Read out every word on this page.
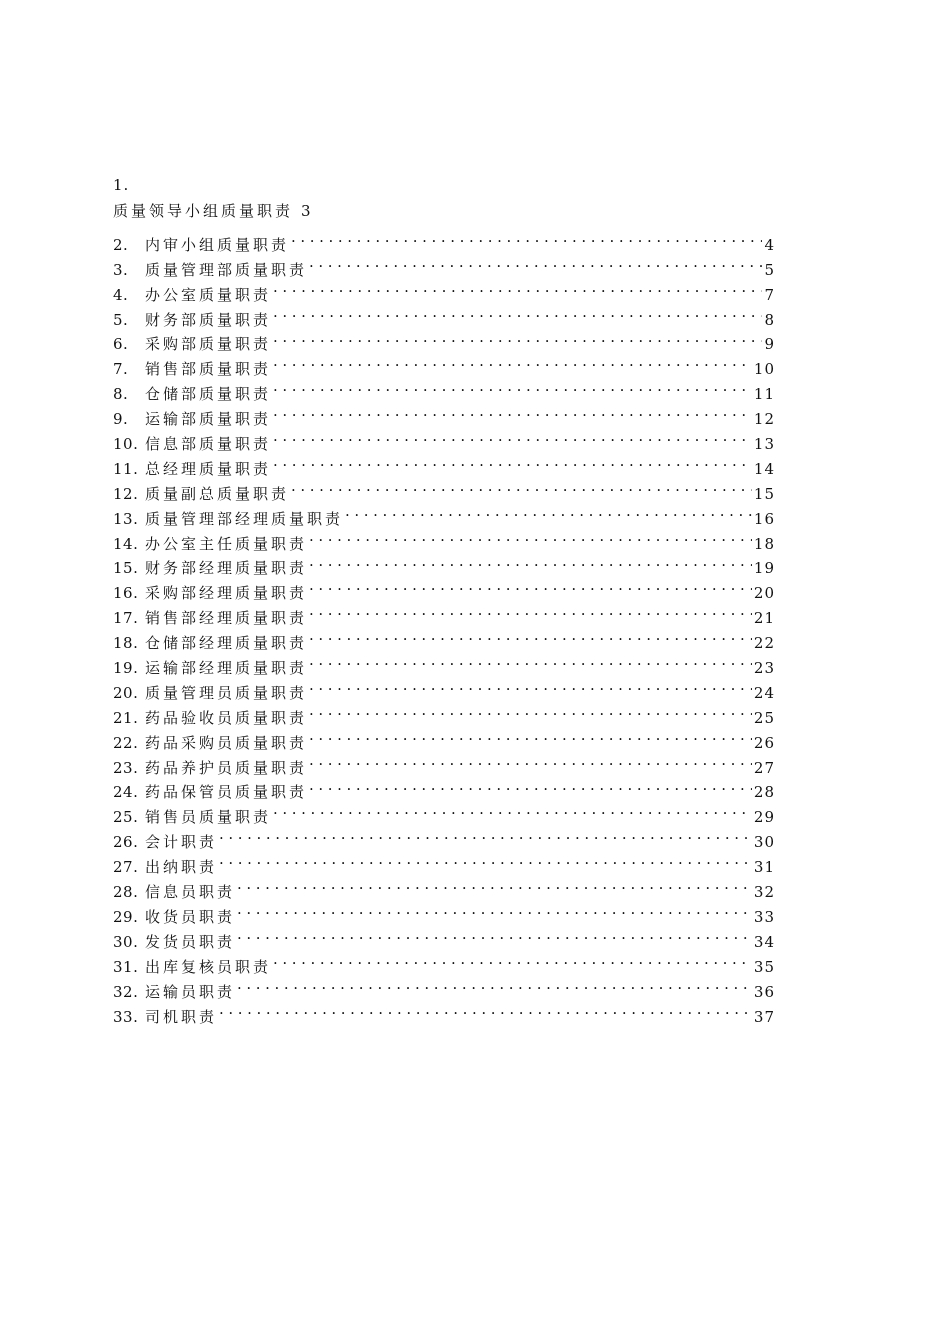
1.
质量领导小组质量职责 3
2.	内审小组质量职责 .....	4
3.	质量管理部质量职责 .....	5
4.	办公室质量职责 .....	7
5.	财务部质量职责 .....	8
6.	采购部质量职责 .....	9
7.	销售部质量职责 .....	10
8.	仓储部质量职责 .....	11
9.	运输部质量职责 .....	12
10. 信息部质量职责 .....	13
11. 总经理质量职责 .....	14
12. 质量副总质量职责 .....	15
13. 质量管理部经理质量职责 .....	16
14. 办公室主任质量职责 .....	18
15. 财务部经理质量职责 .....	19
16. 采购部经理质量职责 .....	20
17. 销售部经理质量职责 .....	21
18. 仓储部经理质量职责 .....	22
19. 运输部经理质量职责 .....	23
20. 质量管理员质量职责 .....	24
21. 药品验收员质量职责 .....	25
22. 药品采购员质量职责 .....	26
23. 药品养护员质量职责 .....	27
24. 药品保管员质量职责 .....	28
25. 销售员质量职责 .....	29
26. 会计职责 .....	30
27. 出纳职责 .....	31
28. 信息员职责 .....	32
29. 收货员职责 .....	33
30. 发货员职责 .....	34
31. 出库复核员职责 .....	35
32. 运输员职责 .....	36
33. 司机职责 .....	37
